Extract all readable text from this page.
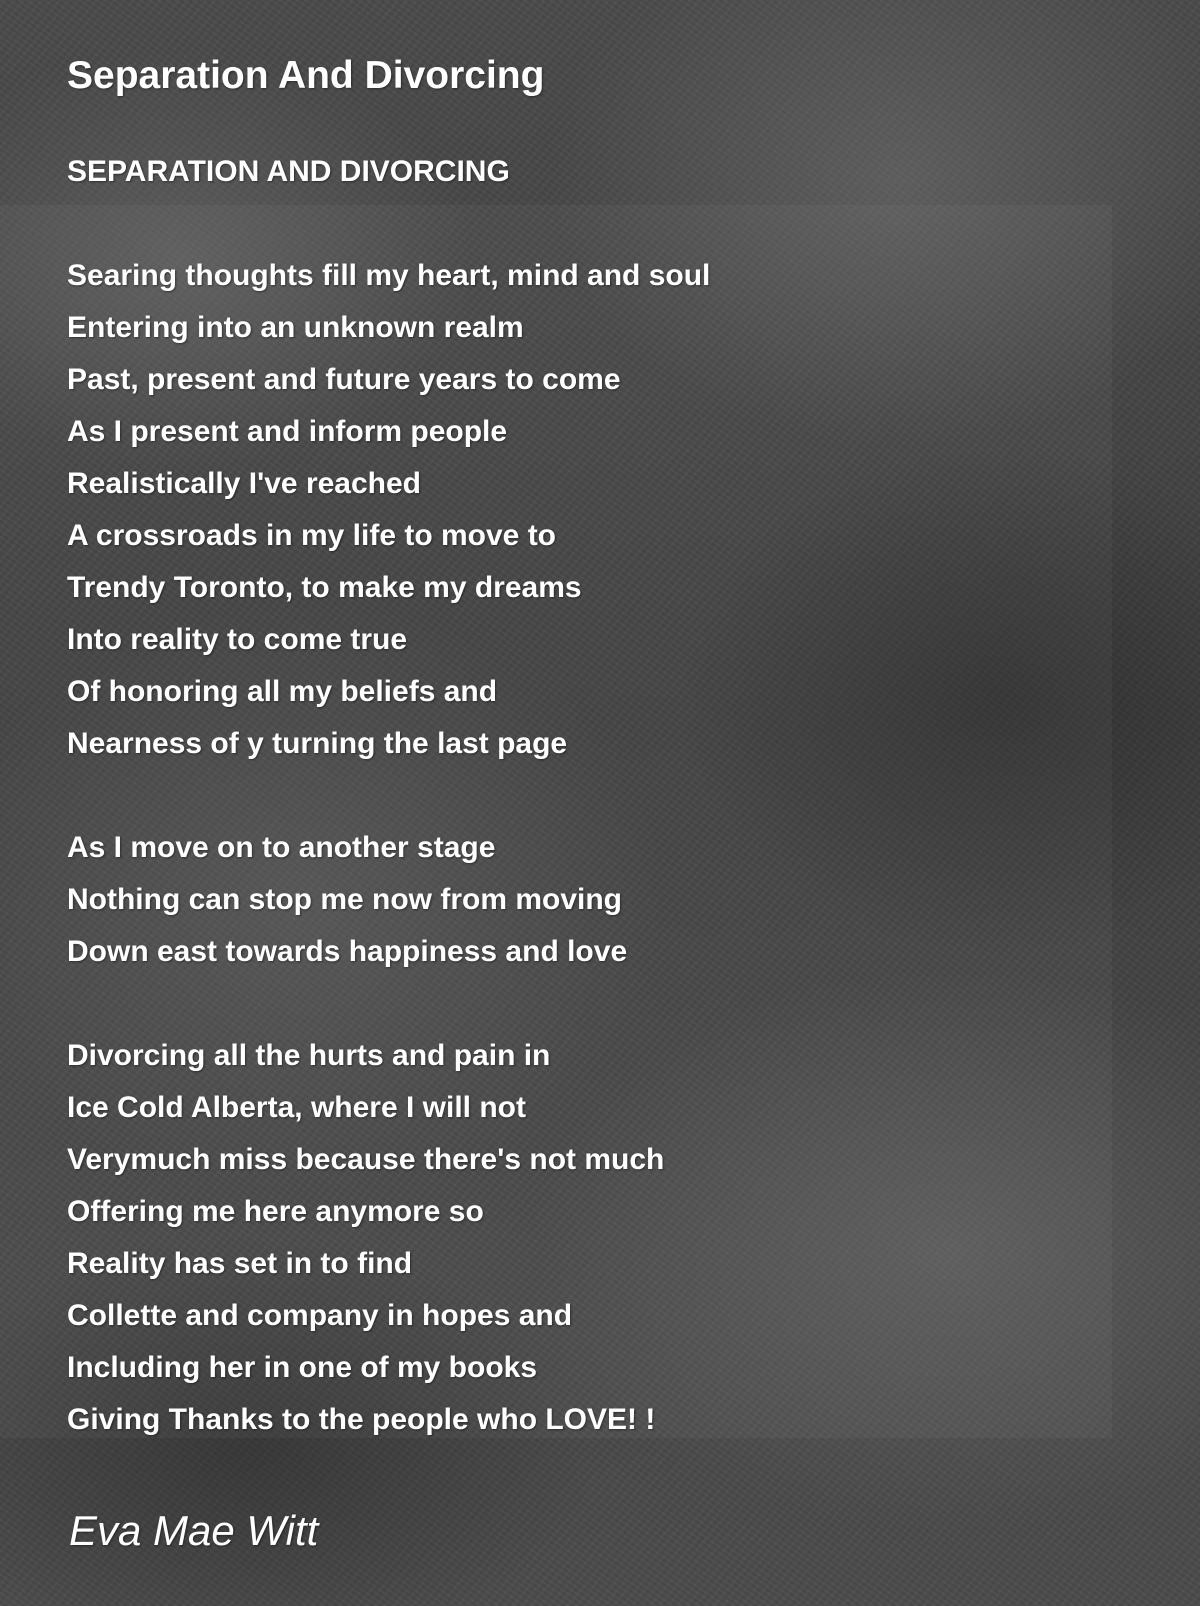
Separation And Divorcing
SEPARATION AND DIVORCING
Searing thoughts fill my heart, mind and soul
Entering into an unknown realm
Past, present and future years to come
As I present and inform people
Realistically I've reached
A crossroads in my life to move to
Trendy Toronto, to make my dreams
Into reality to come true
Of honoring all my beliefs and
Nearness of y turning the last page
As I move on to another stage
Nothing can stop me now from moving
Down east towards happiness and love
Divorcing all the hurts and pain in
Ice Cold Alberta, where I will not
Verymuch miss because there's not much
Offering me here anymore so
Reality has set in to find
Collette and company in hopes and
Including her in one of my books
Giving Thanks to the people who LOVE! !
Eva Mae Witt
